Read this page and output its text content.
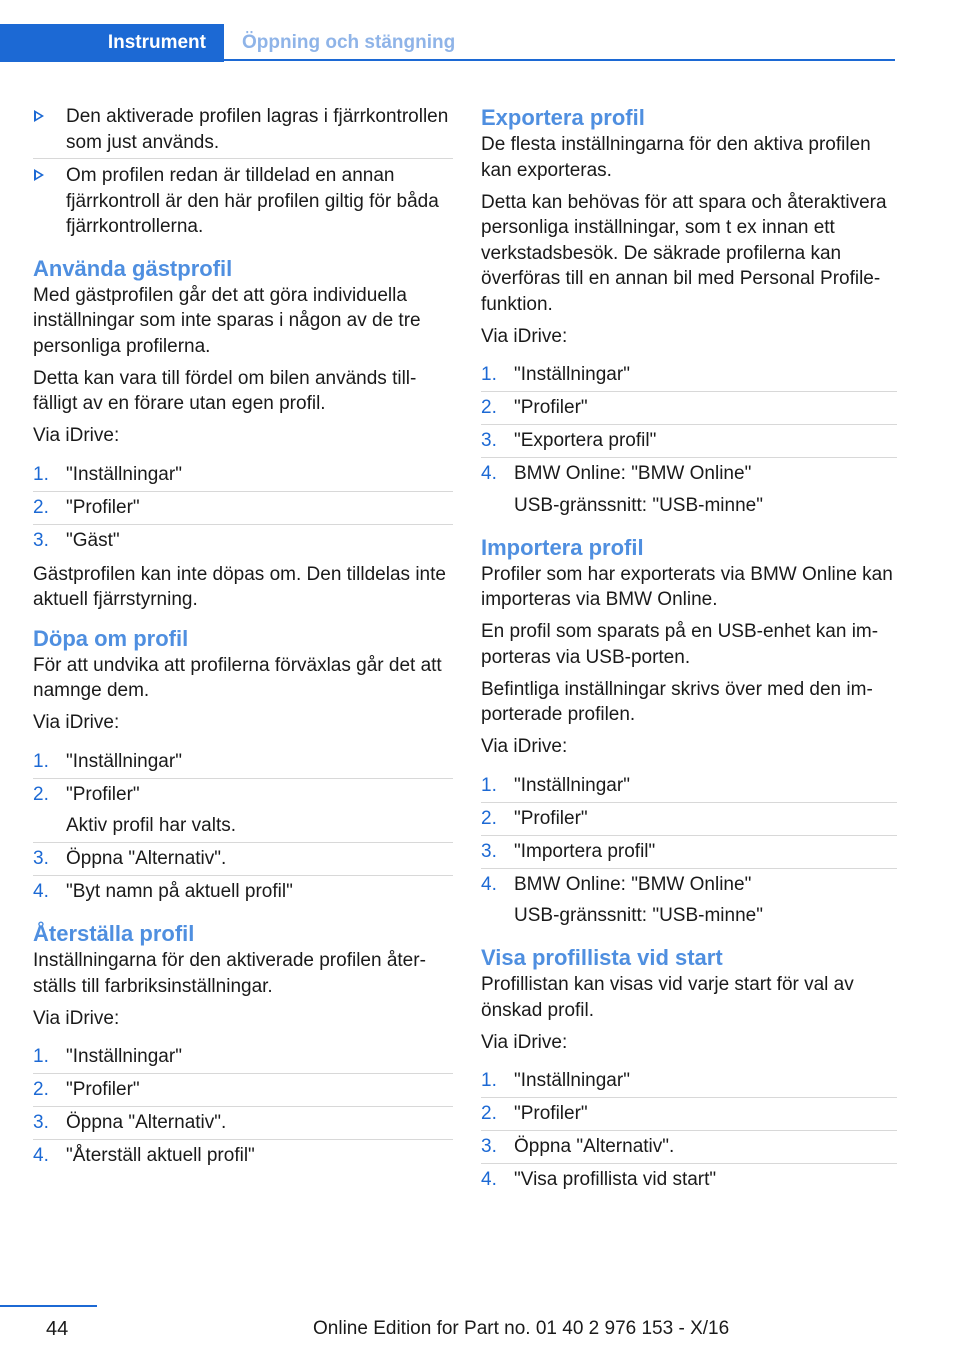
Instrument	Öppning och stängning
Den aktiverade profilen lagras i fjärrkontrollen som just används.
Om profilen redan är tilldelad en annan fjärrkontroll är den här profilen giltig för båda fjärrkontrollerna.
Använda gästprofil

Med gästprofilen går det att göra individuella inställningar som inte sparas i någon av de tre personliga profilerna.

Detta kan vara till fördel om bilen används tillfälligt av en förare utan egen profil.

Via iDrive:

1. "Inställningar"
2. "Profiler"
3. "Gäst"

Gästprofilen kan inte döpas om. Den tilldelas inte aktuell fjärrstyrning.

Döpa om profil

För att undvika att profilerna förväxlas går det att namnge dem.

Via iDrive:

1. "Inställningar"
2. "Profiler"
Aktiv profil har valts.
3. Öppna "Alternativ".
4. "Byt namn på aktuell profil"
Återställa profil

Inställningarna för den aktiverade profilen återställs till farbriksinställningar.

Via iDrive:

1. "Inställningar"
2. "Profiler"
3. Öppna "Alternativ".
4. "Återställ aktuell profil"
Exportera profil

De flesta inställningarna för den aktiva profilen kan exporteras.

Detta kan behövas för att spara och återaktivera personliga inställningar, som t ex innan ett verkstadsbesök. De säkrade profilerna kan överföras till en annan bil med Personal Profile-funktion.

Via iDrive:

1. "Inställningar"
2. "Profiler"
3. "Exportera profil"
4. BMW Online: "BMW Online"
USB-gränssnitt: "USB-minne"
Importera profil

Profiler som har exporterats via BMW Online kan importeras via BMW Online.

En profil som sparats på en USB-enhet kan importeras via USB-porten.

Befintliga inställningar skrivs över med den importerade profilen.

Via iDrive:

1. "Inställningar"
2. "Profiler"
3. "Importera profil"
4. BMW Online: "BMW Online"
USB-gränssnitt: "USB-minne"
Visa profillista vid start

Profillistan kan visas vid varje start för val av önskad profil.

Via iDrive:

1. "Inställningar"
2. "Profiler"
3. Öppna "Alternativ".
4. "Visa profillista vid start"
44	Online Edition for Part no. 01 40 2 976 153 - X/16
